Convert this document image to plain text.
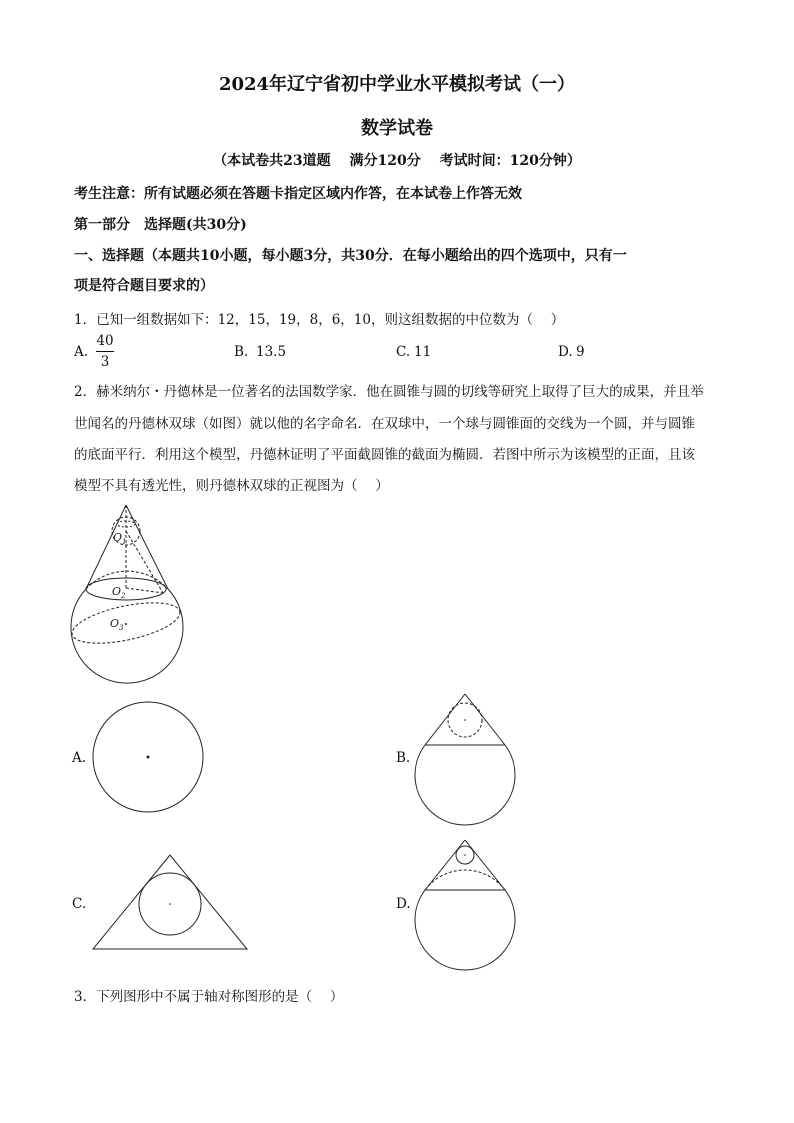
2024年辽宁省初中学业水平模拟考试（一）
数学试卷
（本试卷共23道题　 满分120分　 考试时间：120分钟）
考生注意：所有试题必须在答题卡指定区域内作答，在本试卷上作答无效
第一部分　选择题(共30分)
一、选择题（本题共10小题，每小题3分，共30分．在每小题给出的四个选项中，只有一
项是符合题目要求的）
1．已知一组数据如下：12，15，19，8，6，10，则这组数据的中位数为（　 ）
A.
40
3
B. 13.5	C. 11	D. 9
2．赫米纳尔・丹德林是一位著名的法国数学家．他在圆锥与圆的切线等研究上取得了巨大的成果，并且举
世闻名的丹德林双球（如图）就以他的名字命名．在双球中，一个球与圆锥面的交线为一个圆，并与圆锥
的底面平行．利用这个模型，丹德林证明了平面截圆锥的截面为椭圆．若图中所示为该模型的正面，且该
模型不具有透光性，则丹德林双球的正视图为（　 ）
$O_1$
$O_2$
$O_3$
A.	B.
C.	D.
3．下列图形中不属于轴对称图形的是（　 ）
